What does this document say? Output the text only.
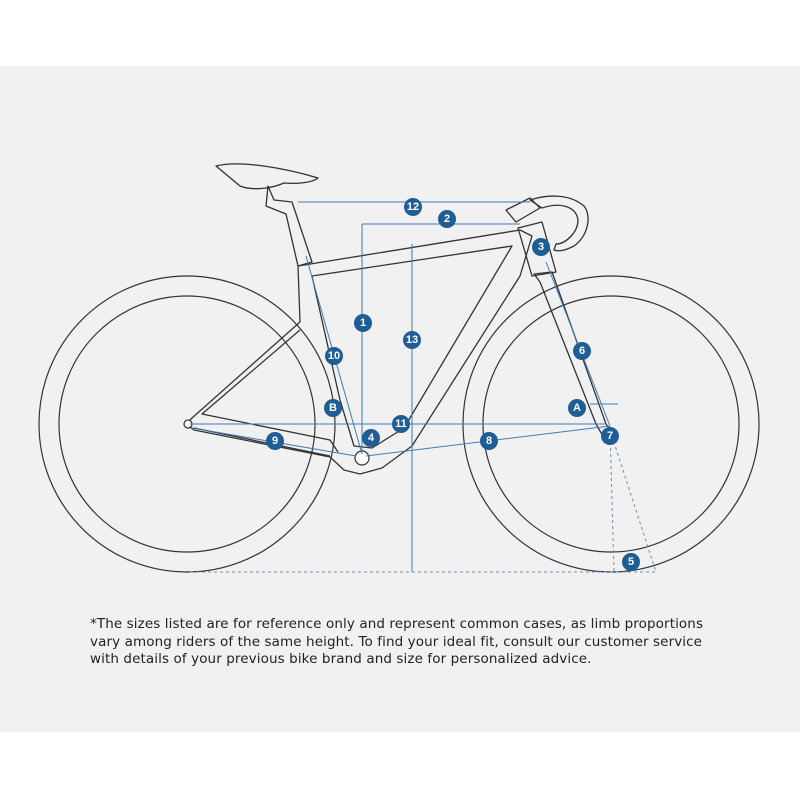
12
2
3
1
13
10	6
B	A
11
4	7
8
9
5
*The sizes listed are for reference only and represent common cases, as limb proportions vary among riders of the same height. To find your ideal fit, consult our customer service with details of your previous bike brand and size for personalized advice.
